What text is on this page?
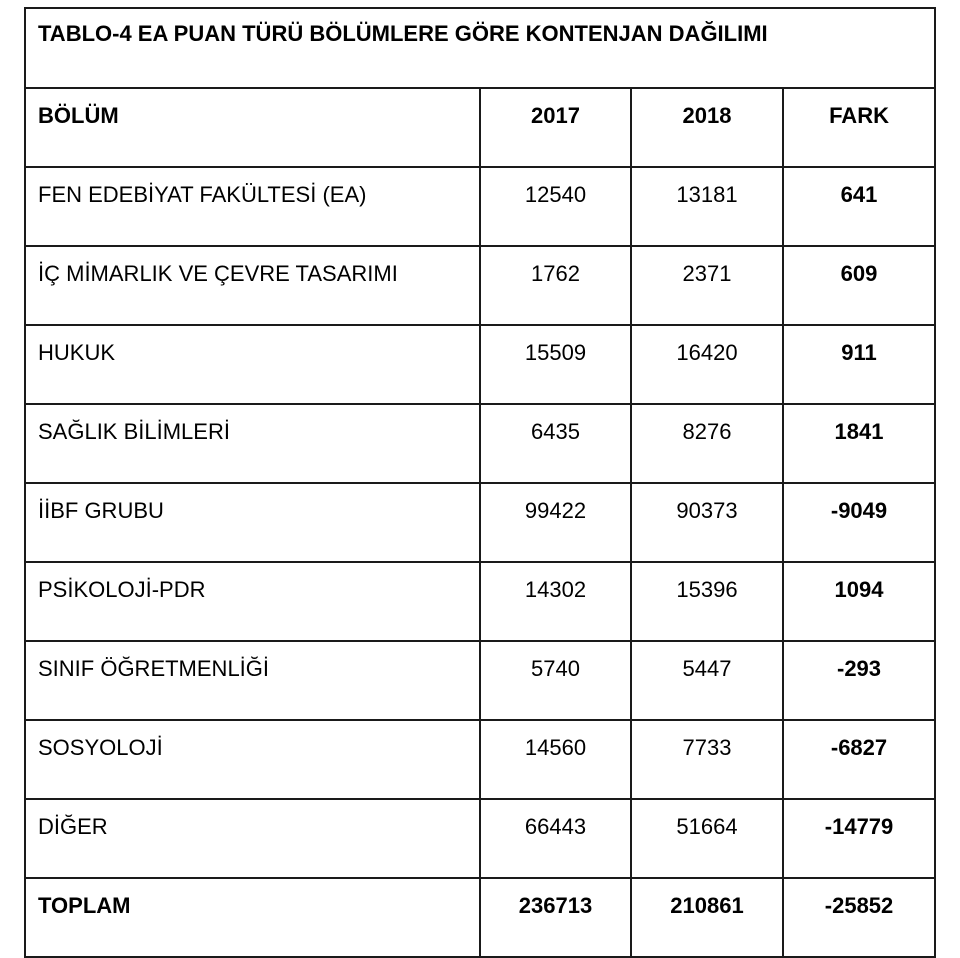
TABLO-4 EA PUAN TÜRÜ BÖLÜMLERE GÖRE KONTENJAN DAĞILIMI			
BÖLÜM	2017	2018	FARK
FEN EDEBİYAT FAKÜLTESİ (EA)	12540	13181	641
İÇ MİMARLIK VE ÇEVRE TASARIMI	1762	2371	609
HUKUK	15509	16420	911
SAĞLIK BİLİMLERİ	6435	8276	1841
İİBF GRUBU	99422	90373	-9049
PSİKOLOJİ-PDR	14302	15396	1094
SINIF ÖĞRETMENLİĞİ	5740	5447	-293
SOSYOLOJİ	14560	7733	-6827
DİĞER	66443	51664	-14779
TOPLAM	236713	210861	-25852
